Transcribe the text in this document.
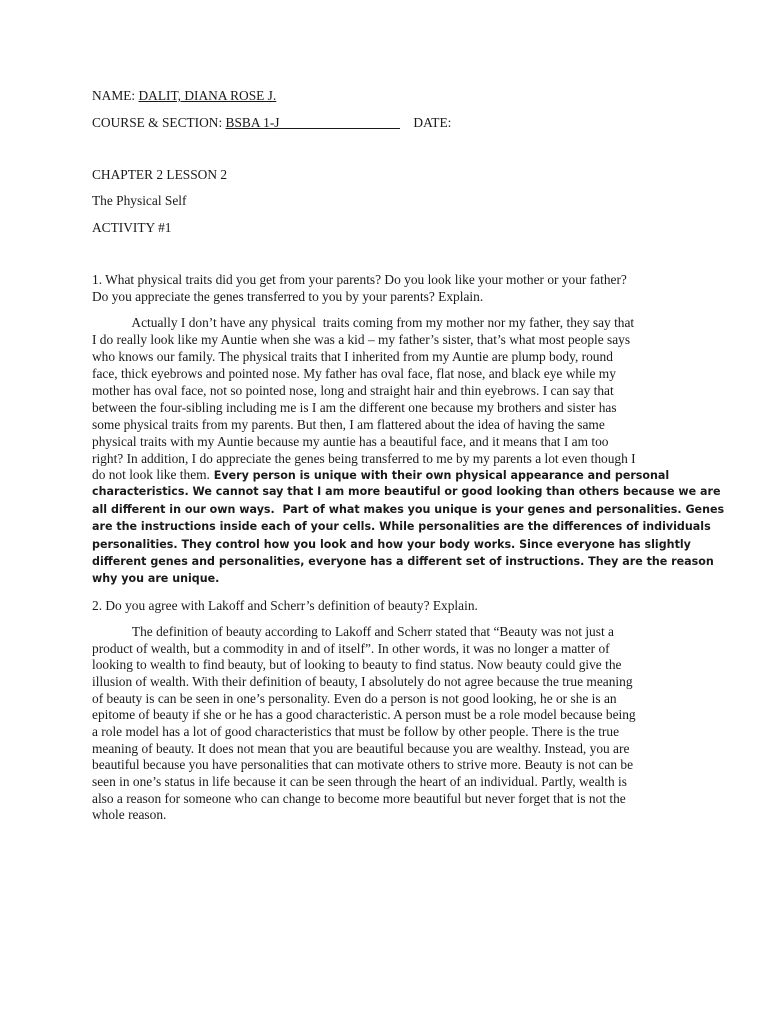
NAME: DALIT, DIANA ROSE J.
COURSE & SECTION: BSBA 1-J	DATE:
CHAPTER 2 LESSON 2
The Physical Self
ACTIVITY #1
1. What physical traits did you get from your parents? Do you look like your mother or your father?
Do you appreciate the genes transferred to you by your parents? Explain.
Actually I don’t have any physical  traits coming from my mother nor my father, they say that
I do really look like my Auntie when she was a kid – my father’s sister, that’s what most people says
who knows our family. The physical traits that I inherited from my Auntie are plump body, round
face, thick eyebrows and pointed nose. My father has oval face, flat nose, and black eye while my
mother has oval face, not so pointed nose, long and straight hair and thin eyebrows. I can say that
between the four-sibling including me is I am the different one because my brothers and sister has
some physical traits from my parents. But then, I am flattered about the idea of having the same
physical traits with my Auntie because my auntie has a beautiful face, and it means that I am too
right? In addition, I do appreciate the genes being transferred to me by my parents a lot even though I
do not look like them. Every person is unique with their own physical appearance and personal
characteristics. We cannot say that I am more beautiful or good looking than others because we are
all different in our own ways.  Part of what makes you unique is your genes and personalities. Genes
are the instructions inside each of your cells. While personalities are the differences of individuals
personalities. They control how you look and how your body works. Since everyone has slightly
different genes and personalities, everyone has a different set of instructions. They are the reason
why you are unique.
2. Do you agree with Lakoff and Scherr’s definition of beauty? Explain.
The definition of beauty according to Lakoff and Scherr stated that “Beauty was not just a
product of wealth, but a commodity in and of itself”. In other words, it was no longer a matter of
looking to wealth to find beauty, but of looking to beauty to find status. Now beauty could give the
illusion of wealth. With their definition of beauty, I absolutely do not agree because the true meaning
of beauty is can be seen in one’s personality. Even do a person is not good looking, he or she is an
epitome of beauty if she or he has a good characteristic. A person must be a role model because being
a role model has a lot of good characteristics that must be follow by other people. There is the true
meaning of beauty. It does not mean that you are beautiful because you are wealthy. Instead, you are
beautiful because you have personalities that can motivate others to strive more. Beauty is not can be
seen in one’s status in life because it can be seen through the heart of an individual. Partly, wealth is
also a reason for someone who can change to become more beautiful but never forget that is not the
whole reason.
